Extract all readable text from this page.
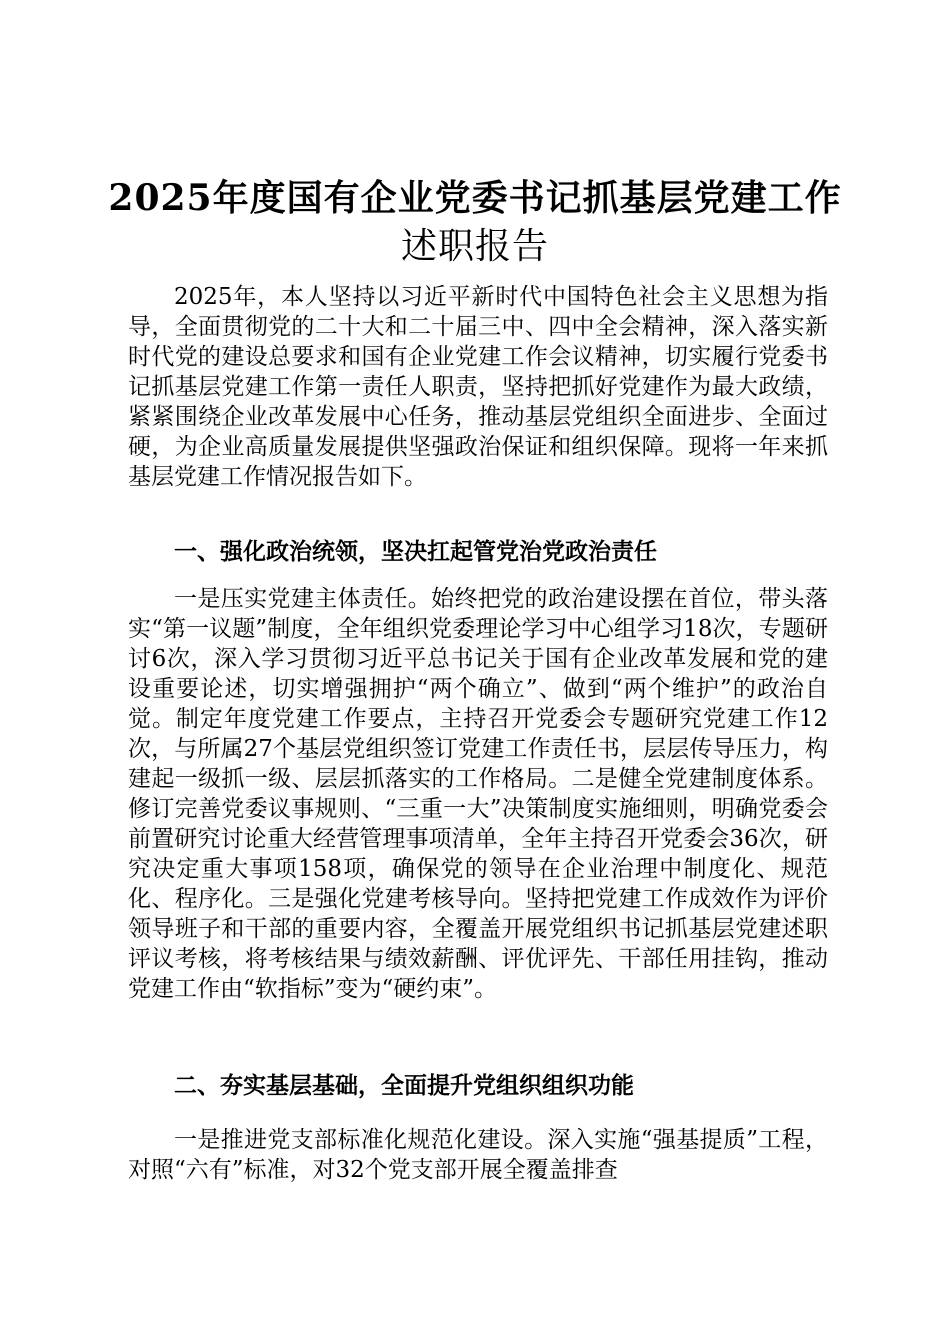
2025年度国有企业党委书记抓基层党建工作
述职报告

2025年，本人坚持以习近平新时代中国特色社会主义思想为指导，全面贯彻党的二十大和二十届三中、四中全会精神，深入落实新时代党的建设总要求和国有企业党建工作会议精神，切实履行党委书记抓基层党建工作第一责任人职责，坚持把抓好党建作为最大政绩，紧紧围绕企业改革发展中心任务，推动基层党组织全面进步、全面过硬，为企业高质量发展提供坚强政治保证和组织保障。现将一年来抓基层党建工作情况报告如下。

一、强化政治统领，坚决扛起管党治党政治责任

一是压实党建主体责任。始终把党的政治建设摆在首位，带头落实“第一议题”制度，全年组织党委理论学习中心组学习18次，专题研讨6次，深入学习贯彻习近平总书记关于国有企业改革发展和党的建设重要论述，切实增强拥护“两个确立”、做到“两个维护”的政治自觉。制定年度党建工作要点，主持召开党委会专题研究党建工作12次，与所属27个基层党组织签订党建工作责任书，层层传导压力，构建起一级抓一级、层层抓落实的工作格局。二是健全党建制度体系。修订完善党委议事规则、“三重一大”决策制度实施细则，明确党委会前置研究讨论重大经营管理事项清单，全年主持召开党委会36次，研究决定重大事项158项，确保党的领导在企业治理中制度化、规范化、程序化。三是强化党建考核导向。坚持把党建工作成效作为评价领导班子和干部的重要内容，全覆盖开展党组织书记抓基层党建述职评议考核，将考核结果与绩效薪酬、评优评先、干部任用挂钩，推动党建工作由“软指标”变为“硬约束”。

二、夯实基层基础，全面提升党组织组织功能

一是推进党支部标准化规范化建设。深入实施“强基提质”工程，对照“六有”标准，对32个党支部开展全覆盖排查
